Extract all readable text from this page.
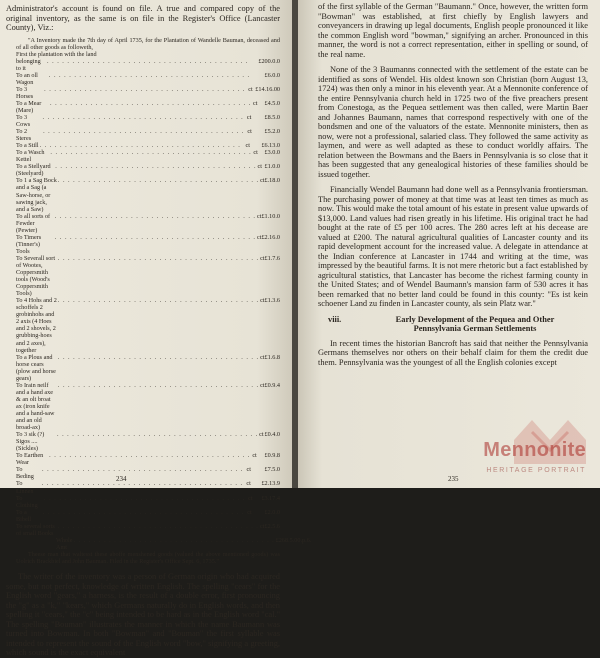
Administrator's account is found on file. A true and compared copy of the original inventory, as the same is on file in the Register's Office (Lancaster County), Viz.:

"A Inventory made the 7th day of April 1735, for the Plantation of Wandelle Bauman, deceased and of all other goods as followeth,

First the plantation with the land

belonging to it
. . .
£200.0.0
To an oll Wagon
. . .
£6.0.0
To 3 Horses
. . .
ct £14.16.00
To a Mear (Mare)
. . .
ct	£4.5.0
To 3 Cows
. . .
ct	£8.5.0
To 2 Steres
. . .
ct	£5.2.0
To a Still
. . .	ct	£6.13.0
To a Wasch Kettel
. . .
ct	£3.0.0
To a Stellyard (Steelyard)
. . .
ct £1.0.0
To 1 a Sag Bock and a Sag (a Saw-horse, or sawing jack, and a Saw)
. . .
ct £.18.0
To all sorts of Fewder (Pewter)
. . .
ct £1.10.0
To Timers (Tinner's) Tools
. . .
ct £2.16.0
To Severall sort of Wootes, Coppersmith tools (Wood's Coppersmith Tools)
. . .
ct £1.7.6
To 4 Hohs and 2 schoffels 2 grobinhohs and 2 axis (4 Hoes and 2 shovels, 2 grubbing-hoes and 2 axes), together
. . .
ct £1.3.6
To a Plous and horse cears (plow and horse gears)
. . .
ct £1.6.8
To Irain neilf and a hand axe & an olt broat ax (iron knife and a hand-saw and an old broad-ax)
. . .
ct £0.9.4
To 3 sik (?) Sigos ....(Sickles)
. . .
ct £0.4.0
To Earthen Wear
. . .
ct	£0.9.8
To Beding
. . .
ct	£7.5.0
To Linnen
. . .
ct	£2.13.9
To Clothing
. . .
ct	£3.17.4
To a Bibell
. . .
ct	£2.0.0
To several sorts of small Books
. . .
ct £2.5.6
Whole Amt
. . .
£268.5.00.p.6.

Theese man that waltesst these aboffe menshened goods (valued the above mentioned goods) was Uolrich Brackbiel and John Bauman. Filed in the Register's Office Sept. 6, 1735."

The writer of the inventory was a person of German origin who had acquired some, but not perfect, knowledge of written English. The spelling "cears" for the English word "gears," a harness, is the result of a double error, first pronouncing the "g" as a "k," "kears," which Germans naturally do in English words, and then spelling it "cears," the "c" being intended to be hard as in the English word "cal." The spelling "Bouman" illustrates the manner in which the name Baumann was turned into Bowman. In both "Bowman" and "Bouman" the first syllable was intended to represent the sound of the English word "bow," signifying a greeting, which sound is the exact equivalent

234

of the first syllable of the German "Baumann." Once, however, the written form "Bowman" was established, at first chiefly by English lawyers and conveyancers in drawing up legal documents, English people pronounced it like the common English word "bowman," signifying an archer. Pronounced in this manner, the word is not a correct representation, either in spelling or sound, of the real name.

None of the 3 Baumanns connected with the settlement of the estate can be identified as sons of Wendel. His oldest known son Christian (born August 13, 1724) was then only a minor in his eleventh year. At a Mennonite conference of the entire Pennsylvania church held in 1725 two of the five preachers present from Conestoga, as the Pequea settlement was then called, were Martin Baer and Johannes Baumann, names that correspond respectively with one of the bondsmen and one of the valuators of the estate. Mennonite ministers, then as now, were not a professional, salaried class. They followed the same activity as laymen, and were as well adapted as these to conduct worldly affairs. The relation between the Bowmans and the Baers in Pennsylvania is so close that it has been suggested that any genealogical histories of these families should be issued together.

Financially Wendel Baumann had done well as a Pennsylvania frontiersman. The purchasing power of money at that time was at least ten times as much as now. This would make the total amount of his estate in present value upwards of $13,000. Land values had risen greatly in his lifetime. His original tract he had bought at the rate of £5 per 100 acres. The 280 acres left at his decease are valued at £200. The natural agricultural qualities of Lancaster county and its rapid development account for the increased value. A delegate in attendance at the Indian conference at Lancaster in 1744 and writing at the time, was impressed by the beautiful farms. It is not mere rhetoric but a fact established by agricultural statistics, that Lancaster has become the richest farming county in the United States; and of Wendel Baumann's mansion farm of 530 acres it has been remarked that no better land could be found in this county: "Es ist kein schoener Land zu finden in Lancaster county, als sein Platz war."

viii.	Early Development of the Pequea and Other
Pennsylvania German Settlements

In recent times the historian Bancroft has said that neither the Pennsylvania Germans themselves nor others on their behalf claim for them the credit due them. Pennsylvania was the youngest of all the English colonies except

235
Mennonite
HERITAGE PORTRAIT
